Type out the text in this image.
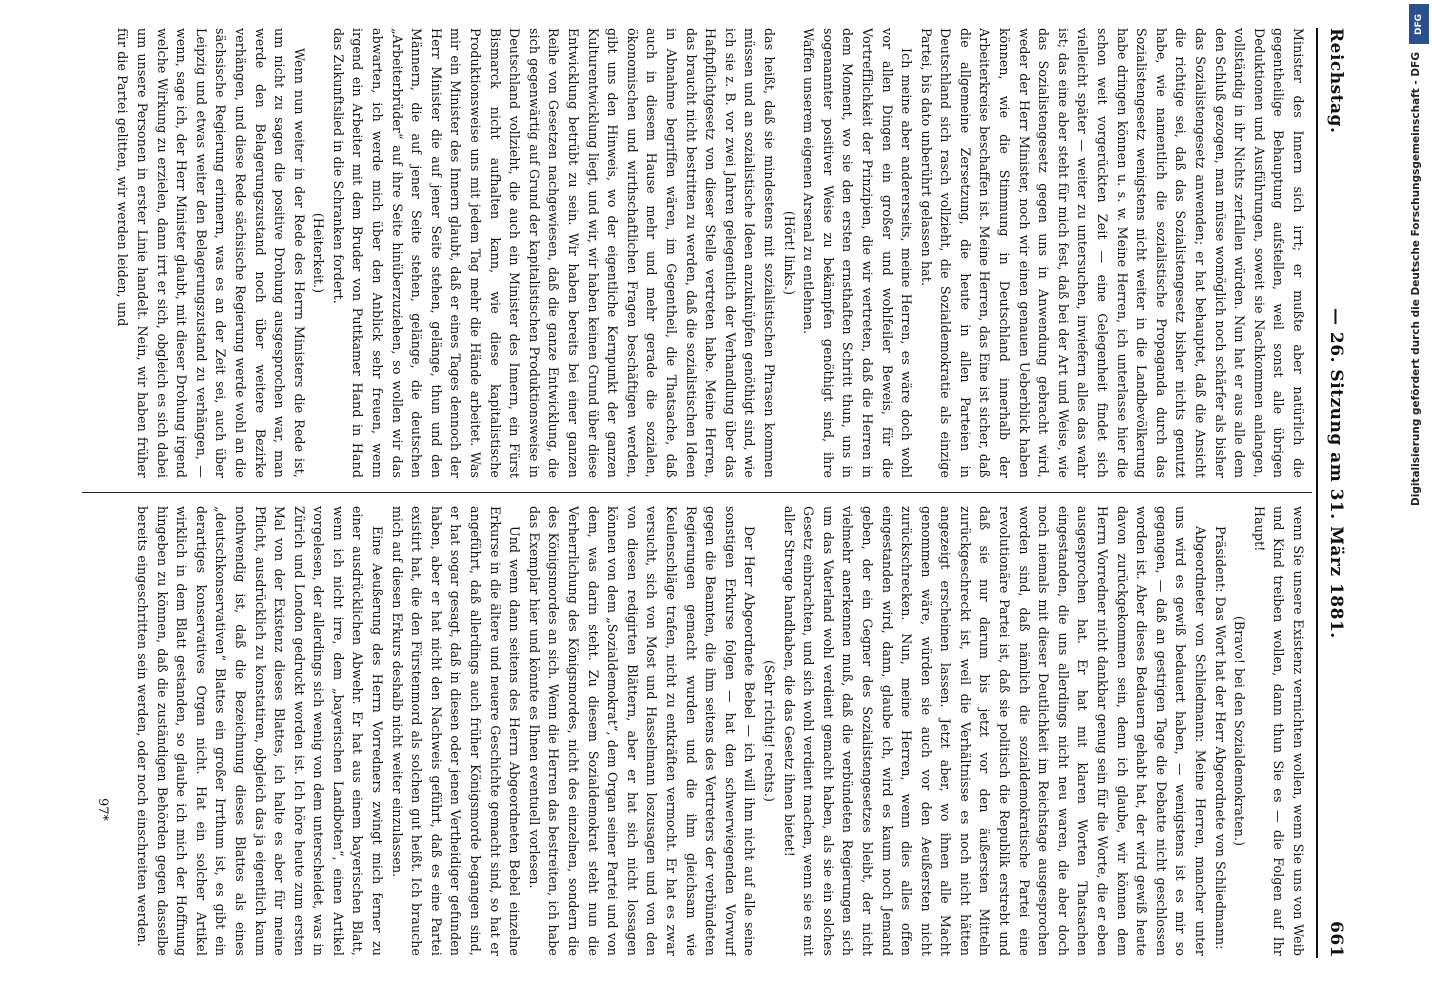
Reichstag.
— 26. Sitzung am 31. März 1881.
661

Minister des Innern sich irrt; er mußte aber natürlich die gegentheilige Behauptung aufstellen, weil sonst alle übrigen Deduktionen und Ausführungen, soweit sie Nachkommen anlangen, vollständig in ihr Nichts zerfallen würden. Nun hat er aus alle dem den Schluß gezogen, man müsse womöglich noch schärfer als bisher das Sozialistengesetz anwenden; er hat behauptet, daß die Ansicht die richtige sei, daß das Sozialistengesetz bisher nichts genutzt habe, wie namentlich die sozialistische Propaganda durch das Sozialistengesetz wenigstens nicht weiter in die Landbevölkerung habe dringen können u. s. w. Meine Herren, ich unterlasse hier die schon weit vorgerückten Zeit — eine Gelegenheit findet sich vielleicht später — weiter zu untersuchen, inwiefern alles das wahr ist; das eine aber steht für mich fest, daß bei der Art und Weise, wie das Sozialistengesetz gegen uns in Anwendung gebracht wird, weder der Herr Minister, noch wir einen genauen Ueberblick haben können, wie die Stimmung in Deutschland innerhalb der Arbeiterkreise beschaffen ist. Meine Herren, das Eine ist sicher, daß die allgemeine Zersetzung, die heute in allen Parteien in Deutschland sich rasch vollzieht, die Sozialdemokratie als einzige Partei, bis dato unberührt gelassen hat.

Ich meine aber andererseits, meine Herren, es wäre doch wohl vor allen Dingen ein großer und wohlfeiler Beweis, für die Vortrefflichkeit der Prinzipien, die wir vertreten, daß die Herren in dem Moment, wo sie den ersten ernsthaften Schritt thun, uns in sogenannter positiver Weise zu bekämpfen genöthigt sind, ihre Waffen unserem eigenen Arsenal zu entlehnen.

(Hört! links.)

das heißt, daß sie mindestens mit sozialistischen Phrasen kommen müssen und an sozialistische Ideen anzuknüpfen genöthigt sind, wie ich sie z. B. vor zwei Jahren gelegentlich der Verhandlung über das Haftpflichtgesetz von dieser Stelle vertreten habe. Meine Herren, das braucht nicht bestritten zu werden, daß die sozialistischen Ideen in Abnahme begriffen wären, im Gegentheil, die Thatsache, daß auch in diesem Hause mehr und mehr gerade die sozialen, ökonomischen und wirthschaftlichen Fragen beschäftigen werden, gibt uns den Hinweis, wo der eigentliche Kernpunkt der ganzen Kulturentwicklung liegt, und wir, wir haben keinen Grund über diese Entwicklung betrübt zu sein. Wir haben bereits bei einer ganzen Reihe von Gesetzen nachgewiesen, daß die ganze Entwicklung, die sich gegenwärtig auf Grund der kapitalistischen Produktionsweise in Deutschland vollzieht, die auch ein Minister des Innern, ein Fürst Bismarck nicht aufhalten kann, wie diese kapitalistische Produktionsweise uns mit jedem Tag mehr die Hände arbeitet. Was mir ein Minister des Innern glaubt, daß er eines Tages dennoch der Herr Minister die auf jener Seite stehen, gelänge, thun und den Männern, die auf jener Seite stehen, gelänge, die deutschen „Arbeiterbrüder“ auf ihre Seite hinüberzuziehen, so wollen wir das abwarten, ich werde mich über den Anblick sehr freuen, wenn irgend ein Arbeiter mit dem Bruder von Puttkamer Hand in Hand das Zukunftslied in die Schranken fordert.

(Heiterkeit.)

Wenn nun weiter in der Rede des Herrn Ministers die Rede ist, um nicht zu sagen die positive Drohung ausgesprochen war, man werde den Belagerungszustand noch über weitere Bezirke verhängen, und diese Rede sächsische Regierung werde wohl an die sächsische Regierung erinnern, was es an der Zeit sei, auch über Leipzig und etwas weiter den Belagerungszustand zu verhängen, — wenn, sage ich, der Herr Minister glaubt, mit dieser Drohung irgend welche Wirkung zu erzielen, dann irrt er sich, obgleich es sich dabei um unsere Personen in erster Linie handelt. Nein, wir haben früher für die Partei gelitten, wir werden leiden, und

wenn Sie unsere Existenz vernichten wollen, wenn Sie uns von Weib und Kind treiben wollen, dann thun Sie es — die Folgen auf Ihr Haupt!

(Bravo! bei den Sozialdemokraten.)

Präsident: Das Wort hat der Herr Abgeordnete von Schliedmann:

Abgeordneter von Schliedmann: Meine Herren, mancher unter uns wird es gewiß bedauert haben, — wenigstens ist es mir so gegangen, — daß an gestrigen Tage die Debatte nicht geschlossen worden ist. Aber dieses Bedauern gehabt hat, der wird gewiß heute davon zurückgekommen sein, denn ich glaube, wir können dem Herrn Vorredner nicht dankbar genug sein für die Worte, die er eben ausgesprochen hat. Er hat mit klaren Worten Thatsachen eingestanden, die uns allerdings nicht neu waren, die aber doch noch niemals mit dieser Deutlichkeit im Reichstage ausgesprochen worden sind, daß nämlich die sozialdemokratische Partei eine revolutionäre Partei ist, daß sie politisch die Republik erstrebt und daß sie nur darum bis jetzt vor den äußersten Mitteln zurückgeschreckt ist, weil die Verhältnisse es noch nicht hätten angezeigt erscheinen lassen. Jetzt aber, wo ihnen alle Macht genommen wäre, würden sie auch vor den Aeußersten nicht zurückschrecken. Nun, meine Herren, wenn dies alles offen eingestanden wird, dann, glaube ich, wird es kaum noch Jemand geben, der ein Gegner des Sozialistengesetzes bleibt, der nicht vielmehr anerkennen muß, daß die verbündeten Regierungen sich um das Vaterland wohl verdient gemacht haben, als sie ein solches Gesetz einbrachten, und sich wohl verdient machen, wenn sie es mit aller Strenge handhaben, die das Gesetz ihnen bietet!

(Sehr richtig! rechts.)

Der Herr Abgeordnete Bebel — ich will ihm nicht auf alle seine sonstigen Erkurse folgen — hat den schwerwiegenden Vorwurf gegen die Beamten, die ihm seitens des Vertreters der verbündeten Regierungen gemacht wurden und die ihm gleichsam wie Keulenschläge trafen, nicht zu entkräften vermocht. Er hat es zwar versucht, sich von Most und Hasselmann loszusagen und von den von diesen redigirten Blättern, aber er hat sich nicht lossagen können von dem „Sozialdemokrat“, dem Organ seiner Partei und von dem, was darin steht. Zu diesem Sozialdemokrat steht nun die Verherrlichung des Königsmordes, nicht des einzelnen, sondern die des Königsmordes an sich. Wenn die Herren das bestreiten, ich habe das Exemplar hier und könnte es Ihnen eventuell vorlesen.

Und wenn dann seitens des Herrn Abgeordneten Bebel einzelne Erkurse in die ältere und neuere Geschichte gemacht sind, so hat er angeführt, daß allerdings auch früher Königsmorde begangen sind, er hat sogar gesagt, daß in diesen oder jenen Vertheidiger gefunden haben, aber er hat nicht den Nachweis geführt, daß es eine Partei existirt hat, die den Fürstenmord als solchen gut heißt. Ich brauche mich auf diesen Erkurs deshalb nicht weiter einzulassen.

Eine Aeußerung des Herrn Vorredners zwingt mich ferner zu einer ausdrücklichen Abwehr. Er hat aus einem bayerischen Blatt, wenn ich nicht irre, dem „bayerischen Landboten“, einen Artikel vorgelesen, der allerdings sich wenig von dem unterscheidet, was in Zürich und London gedruckt worden ist. Ich höre heute zum ersten Mal von der Existenz dieses Blattes, ich halte es aber für meine Pflicht, ausdrücklich zu konstatiren, obgleich das ja eigentlich kaum nothwendig ist, daß die Bezeichnung dieses Blattes als eines „deutschkonservativen“ Blattes ein großer Irrthum ist, es gibt ein derartiges konservatives Organ nicht. Hat ein solcher Artikel wirklich in dem Blatt gestanden, so glaube ich mich der Hoffnung hingeben zu können, daß die zuständigen Behörden gegen dasselbe bereits eingeschritten sein werden, oder noch einschreiten werden.

97*
DFG
Digitalisierung gefördert durch die Deutsche Forschungsgemeinschaft - DFG
